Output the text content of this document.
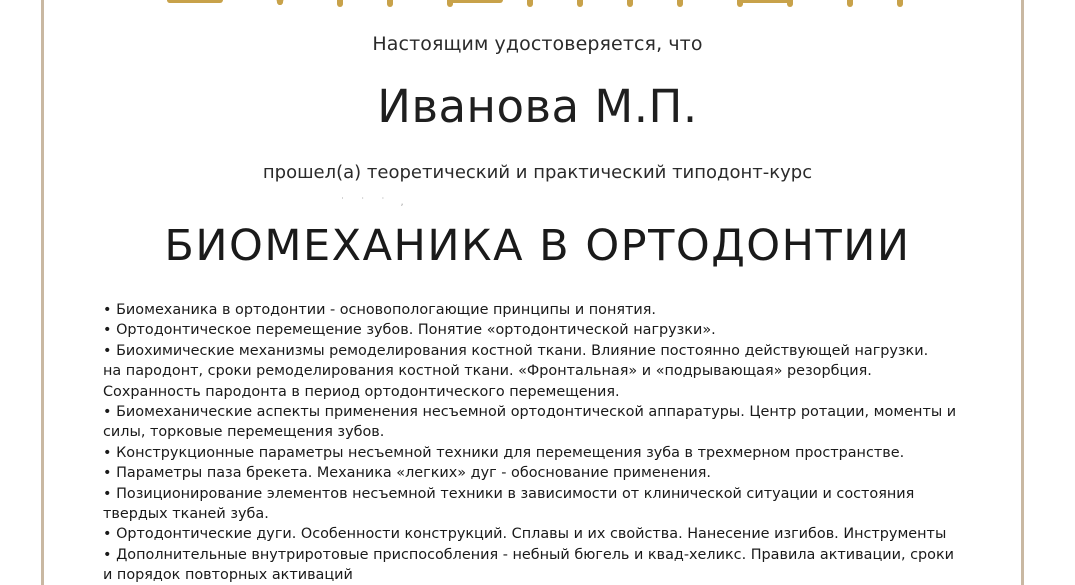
Настоящим удостоверяется, что
Иванова М.П.
прошел(а) теоретический и практический типодонт-курс
˙ ˙ ˙ ,
БИОМЕХАНИКА В ОРТОДОНТИИ
• Биомеханика в ортодонтии - основопологающие принципы и понятия.
• Ортодонтическое перемещение зубов. Понятие «ортодонтической нагрузки».
• Биохимические механизмы ремоделирования костной ткани. Влияние постоянно действующей нагрузки.
на пародонт, сроки ремоделирования костной ткани. «Фронтальная» и «подрывающая» резорбция.
Сохранность пародонта в период ортодонтического перемещения.
• Биомеханические аспекты применения несъемной ортодонтической аппаратуры. Центр ротации, моменты и
силы, торковые перемещения зубов.
• Конструкционные параметры несъемной техники для перемещения зуба в трехмерном пространстве.
• Параметры паза брекета. Механика «легких» дуг - обоснование применения.
• Позиционирование элементов несъемной техники в зависимости от клинической ситуации и состояния
твердых тканей зуба.
• Ортодонтические дуги. Особенности конструкций. Сплавы и их свойства. Нанесение изгибов. Инструменты
• Дополнительные внутриротовые приспособления - небный бюгель и квад-хеликс. Правила активации, сроки
и порядок повторных активаций
